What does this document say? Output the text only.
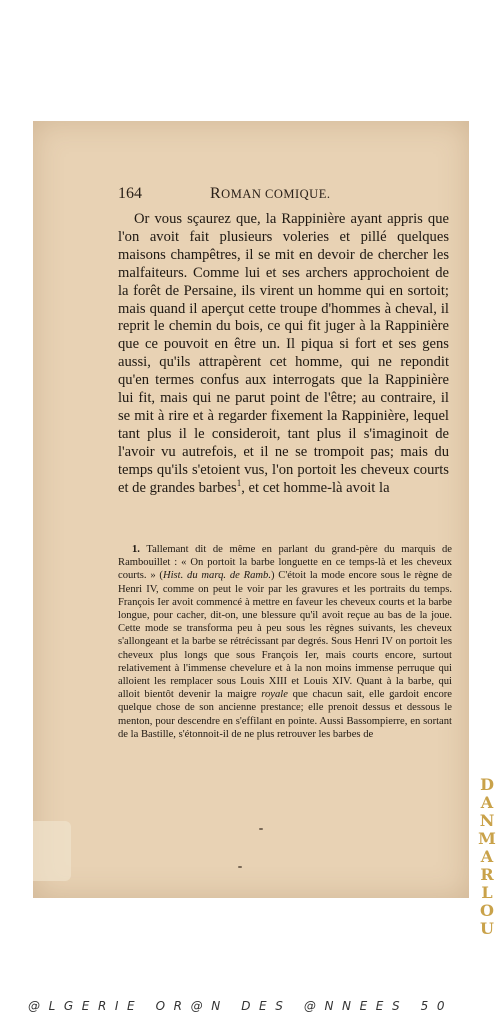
164	ROMAN COMIQUE.

Or vous sçaurez que, la Rappinière ayant appris que l'on avoit fait plusieurs voleries et pillé quelques maisons champêtres, il se mit en devoir de chercher les malfaiteurs. Comme lui et ses archers approchoient de la forêt de Persaine, ils virent un homme qui en sortoit; mais quand il aperçut cette troupe d'hommes à cheval, il reprit le chemin du bois, ce qui fit juger à la Rappinière que ce pouvoit en être un. Il piqua si fort et ses gens aussi, qu'ils attrapèrent cet homme, qui ne repondit qu'en termes confus aux interrogats que la Rappinière lui fit, mais qui ne parut point de l'être; au contraire, il se mit à rire et à regarder fixement la Rappinière, lequel tant plus il le consideroit, tant plus il s'imaginoit de l'avoir vu autrefois, et il ne se trompoit pas; mais du temps qu'ils s'etoient vus, l'on portoit les cheveux courts et de grandes barbes$^1$, et cet homme-là avoit la

1. Tallemant dit de même en parlant du grand-père du marquis de Rambouillet : « On portoit la barbe longuette en ce temps-là et les cheveux courts. » (Hist. du marq. de Ramb.) C'étoit la mode encore sous le règne de Henri IV, comme on peut le voir par les gravures et les portraits du temps. François Ier avoit commencé à mettre en faveur les cheveux courts et la barbe longue, pour cacher, dit-on, une blessure qu'il avoit reçue au bas de la joue. Cette mode se transforma peu à peu sous les règnes suivants, les cheveux s'allongeant et la barbe se rétrécissant par degrés. Sous Henri IV on portoit les cheveux plus longs que sous François Ier, mais courts encore, surtout relativement à l'immense chevelure et à la non moins immense perruque qui alloient les remplacer sous Louis XIII et Louis XIV. Quant à la barbe, qui alloit bientôt devenir la maigre royale que chacun sait, elle gardoit encore quelque chose de son ancienne prestance; elle prenoit dessus et dessous le menton, pour descendre en s'effilant en pointe. Aussi Bassompierre, en sortant de la Bastille, s'étonnoit-il de ne plus retrouver les barbes de

DANMARLOU
@LGERIE OR@N DES @NNEES 50
